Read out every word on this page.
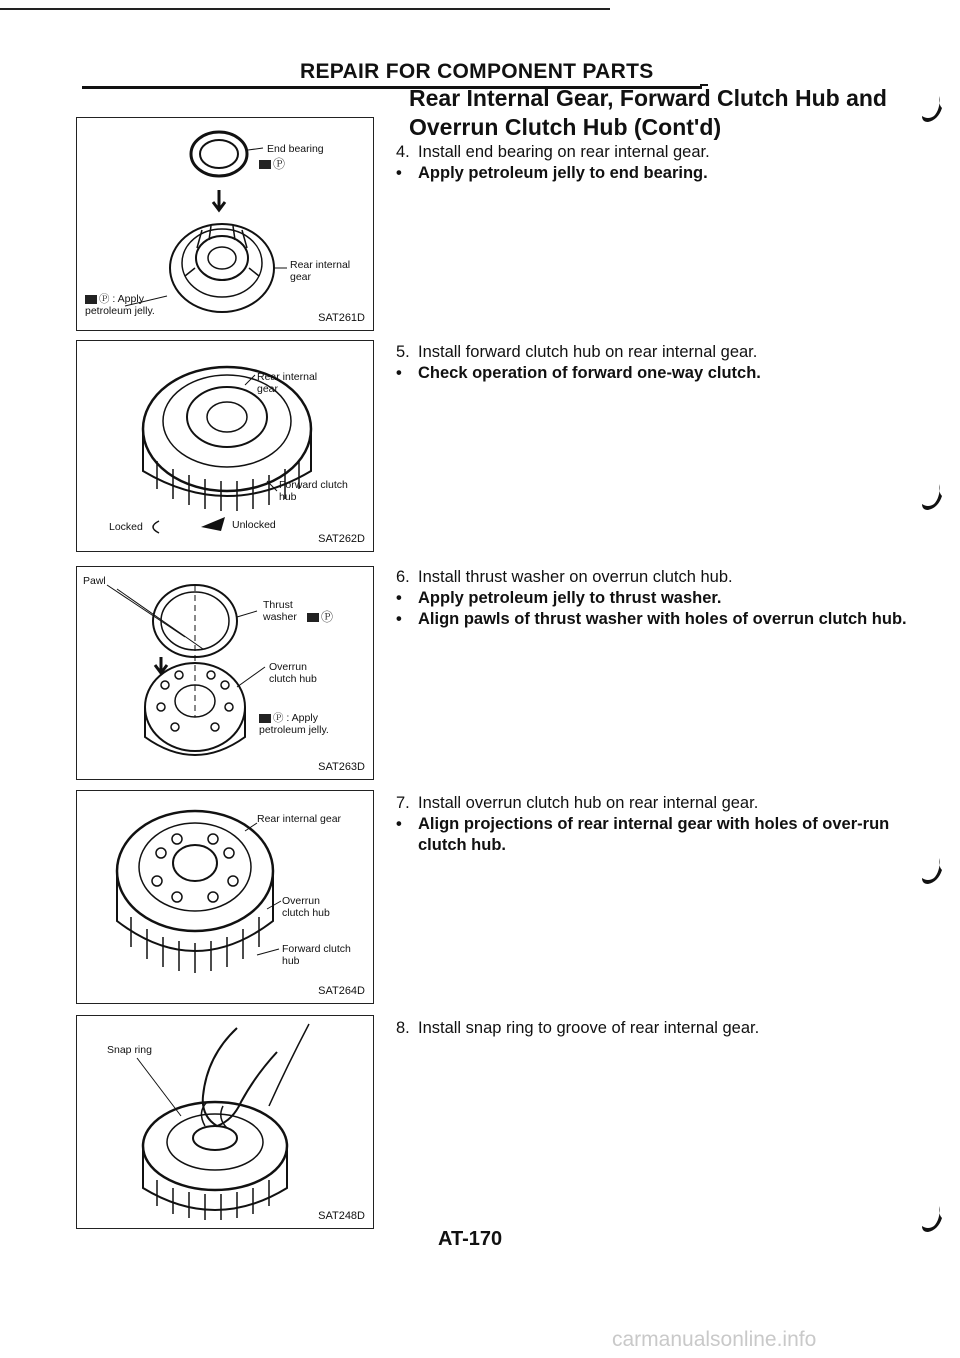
REPAIR FOR COMPONENT PARTS
Rear Internal Gear, Forward Clutch Hub and
Overrun Clutch Hub (Cont'd)
End bearing
Ⓟ
Rear internal gear
Ⓟ : Apply petroleum jelly.
SAT261D
Rear internal gear
Forward clutch hub
Locked	Unlocked
SAT262D
Pawl
Thrust washer	Ⓟ
Overrun clutch hub
Ⓟ : Apply petroleum jelly.
SAT263D
Rear internal gear
Overrun clutch hub
Forward clutch hub
SAT264D
Snap ring
SAT248D
4. Install end bearing on rear internal gear.
• Apply petroleum jelly to end bearing.
5. Install forward clutch hub on rear internal gear.
• Check operation of forward one-way clutch.
6. Install thrust washer on overrun clutch hub.
• Apply petroleum jelly to thrust washer.
• Align pawls of thrust washer with holes of overrun clutch hub.
7. Install overrun clutch hub on rear internal gear.
• Align projections of rear internal gear with holes of over-run clutch hub.
8. Install snap ring to groove of rear internal gear.
AT-170
carmanualsonline.info
